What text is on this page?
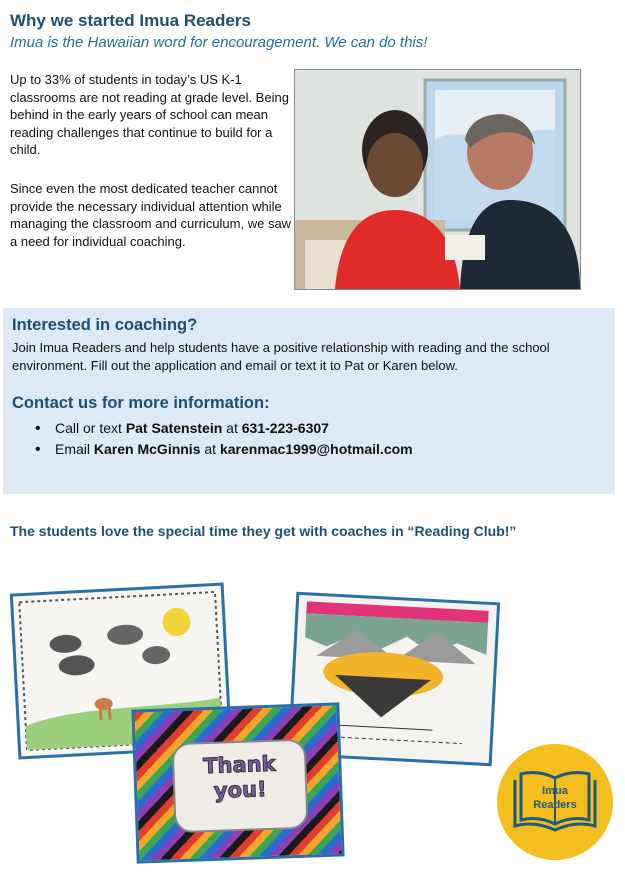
Why we started Imua Readers
Imua is the Hawaiian word for encouragement. We can do this!
Up to 33% of students in today’s US K-1 classrooms are not reading at grade level. Being behind in the early years of school can mean reading challenges that continue to build for a child.
Since even the most dedicated teacher cannot provide the necessary individual attention while managing the classroom and curriculum, we saw a need for individual coaching.
Interested in coaching?
Join Imua Readers and help students have a positive relationship with reading and the school environment. Fill out the application and email or text it to Pat or Karen below.
Contact us for more information:
• Call or text Pat Satenstein at 631-223-6307
• Email Karen McGinnis at karenmac1999@hotmail.com
The students love the special time they get with coaches in “Reading Club!”
Thank
you!	Imua
Readers
